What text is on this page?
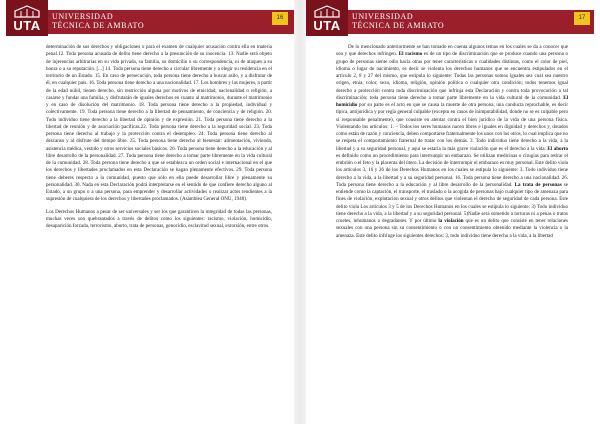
UTA
UNIVERSIDAD
TÉCNICA DE AMBATO
16

determinación de sus derechos y obligaciones o para el examen de cualquier acusación contra ella en materia penal.12. Toda persona acusada de delito tiene derecho a la presunción de su inocencia. 13. Nadie será objeto de injerencias arbitrarias en su vida privada, su familia, su domicilio o su correspondencia, ni de ataques a su honra o a su reputación. [...] 14. Toda persona tiene derecho a circular libremente y a elegir su residencia en el territorio de un Estado. 15. En caso de persecución, toda persona tiene derecho a buscar asilo, y a disfrutar de él, en cualquier país. 16. Toda persona tiene derecho a una nacionalidad. 17. Los hombres y las mujeres, a partir de la edad núbil, tienen derecho, sin restricción alguna por motivos de etnicidad, nacionalidad o religión, a casarse y fundar una familia, y disfrutarán de iguales derechos en cuanto al matrimonio, durante el matrimonio y en caso de disolución del matrimonio. 18. Toda persona tiene derecho a la propiedad, individual y colectivamente. 19. Toda persona tiene derecho a la libertad de pensamiento, de conciencia y de religión. 20. Todo individuo tiene derecho a la libertad de opinión y de expresión. 21. Toda persona tiene derecho a la libertad de reunión y de asociación pacíficas.22. Toda persona tiene derecho a la seguridad social. 23. Toda persona tiene derecho al trabajo y la protección contra el desempleo. 24. Toda persona tiene derecho al descanso y al disfrute del tiempo libre. 25. Toda persona tiene derecho al bienestar: alimentación, vivienda, asistencia médica, vestido y otros servicios sociales básicos. 26. Toda persona tiene derecho a la educación y al libre desarrollo de la personalidad. 27. Toda persona tiene derecho a tomar parte libremente en la vida cultural de la comunidad. 28. Toda persona tiene derecho a que se establezca un orden social e internacional en el que los derechos y libertades proclamados en esta Declaración se hagan plenamente efectivos. 29. Toda persona tiene deberes respecto a la comunidad, puesto que sólo en ella puede desarrollar libre y plenamente su personalidad. 30. Nada en esta Declaración podrá interpretarse en el sentido de que confiere derecho alguno al Estado, a un grupo o a una persona, para emprender y desarrollar actividades o realizar actos tendientes a la supresión de cualquiera de los derechos y libertades proclamados. (Asamblea General ONU, 1948).

Los Derechos Humanos a pesar de ser universales y ser los que garanticen la integridad de todas las personas, muchas veces son quebrantados a través de delitos como los siguientes: racismo, violación, homicidio, desaparición forzada, terrorismo, aborto, trata de personas, genocidio, esclavitud sexual, extorsión, entre otros.

UTA
UNIVERSIDAD
TÉCNICA DE AMBATO
17

De lo mencionado anteriormente se han tomado en cuenta algunos temas en los cuales se da a conocer que son y que derechos infringen. El racismo es de un tipo de discriminación que se produce cuando una persona o grupo de personas siente odio hacia otras por tener características o cualidades distintas, como el color de piel, idioma o lugar de nacimiento, es decir se violenta los derechos humanos que se encuentra estipulados en el artículo 2, 8 y 27 del mismo, que estipula lo siguiente: Todas las personas somos iguales sea cual sea nuestro origen, etnia, color, sexo, idioma, religión, opinión política o cualquier otra condición; todos tenemos igual derecho a protección contra toda discriminación que infrinja esta Declaración y contra toda provocación a tal discriminación; toda persona tiene derecho a tomar parte libremente en la vida cultural de la comunidad. El homicidio por su parte es el acto en que se causa la muerte de otra persona, una conducta reprochable, es decir típica, antijurídica y por regla general culpable (excepto en casos de inimputabilidad, donde no se es culpable pero sí responsable penalmente), que consiste en atentar contra el bien jurídico de la vida de una persona física. Violentando los artículos: 1. – Todos los seres humanos nacen libres e iguales en dignidad y derechos y, dotados como están de razón y conciencia, deben comportarse fraternalmente los unos con los otros, lo cual implica que no se respeta el comportamiento fraternal de tratar con los demás. 3. Todo individuo tiene derecho a la vida, a la libertad y a su seguridad personal, y aquí se estaría la más grave violación que es el derecho a la vida. El aborto es definido como un procedimiento para interrumpir un embarazo. Se utilizan medicinas o cirugías para retirar el embrión o el feto y la placenta del útero. La decisión de interrumpir el embarazo es muy personal. Este delito viola los artículos 3, 16 y 26 de los Derechos Humanos en los cuales se estipula lo siguiente: 3. Todo individuo tiene derecho a la vida, a la libertad y a su seguridad personal. 16. Toda persona tiene derecho a una nacionalidad. 26. Toda persona tiene derecho a la educación y al libre desarrollo de la personalidad. La trata de personas se entiende como la captación, el transporte, el traslado o la acogida de personas bajo cualquier tipo de amenaza para fines de violación, explotación sexual y otros delitos que violentan el derecho de seguridad de cada persona. Este delito viola Los artículos 3 y 5 de los Derechos Humanos en los cuales se estipula lo siguiente: 3) Todo individuo tiene derecho a la vida, a la libertad y a su seguridad personal. 5)Nadie será sometido a torturas ni a penas o tratos crueles, inhumanos o degradantes. Y por último la violación que es un delito que consiste en tener relaciones sexuales con una persona sin su consentimiento o con un consentimiento obtenido mediante la violencia o la amenaza. Este delito infringe los siguientes derechos: 3, todo individuo tiene derecho a la vida, a la libertad
